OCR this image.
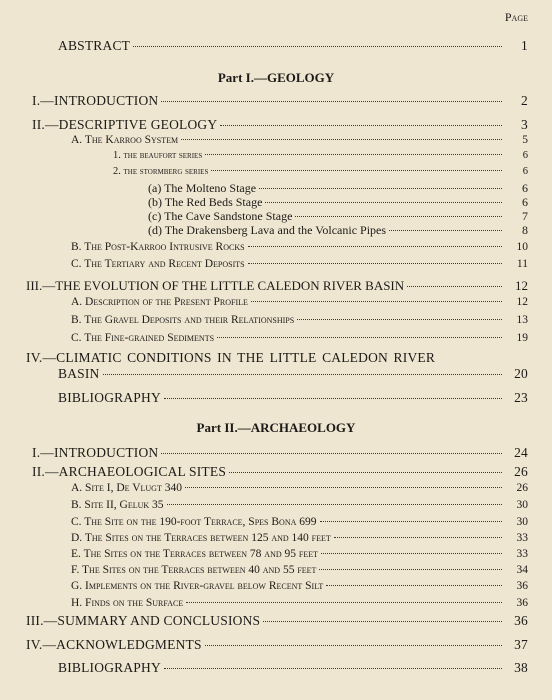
Page
ABSTRACT	1
Part I.—GEOLOGY
I.—INTRODUCTION	2
II.—DESCRIPTIVE GEOLOGY	3
A. The Karroo System	5
1. the beaufort series	6
2. the stormberg series	6
(a) The Molteno Stage	6
(b) The Red Beds Stage	6
(c) The Cave Sandstone Stage	7
(d) The Drakensberg Lava and the Volcanic Pipes	8
B. The Post-Karroo Intrusive Rocks	10
C. The Tertiary and Recent Deposits	11
III.—THE EVOLUTION OF THE LITTLE CALEDON RIVER BASIN	12
A. Description of the Present Profile	12
B. The Gravel Deposits and their Relationships	13
C. The Fine-grained Sediments	19
IV.—CLIMATIC CONDITIONS IN THE LITTLE CALEDON RIVER
BASIN	20
BIBLIOGRAPHY	23
Part II.—ARCHAEOLOGY
I.—INTRODUCTION	24
II.—ARCHAEOLOGICAL SITES	26
A. Site I, De Vlugt 340	26
B. Site II, Geluk 35	30
C. The Site on the 190-foot Terrace, Spes Bona 699	30
D. The Sites on the Terraces between 125 and 140 feet	33
E. The Sites on the Terraces between 78 and 95 feet	33
F. The Sites on the Terraces between 40 and 55 feet	34
G. Implements on the River-gravel below Recent Silt	36
H. Finds on the Surface	36
III.—SUMMARY AND CONCLUSIONS	36
IV.—ACKNOWLEDGMENTS	37
BIBLIOGRAPHY	38
